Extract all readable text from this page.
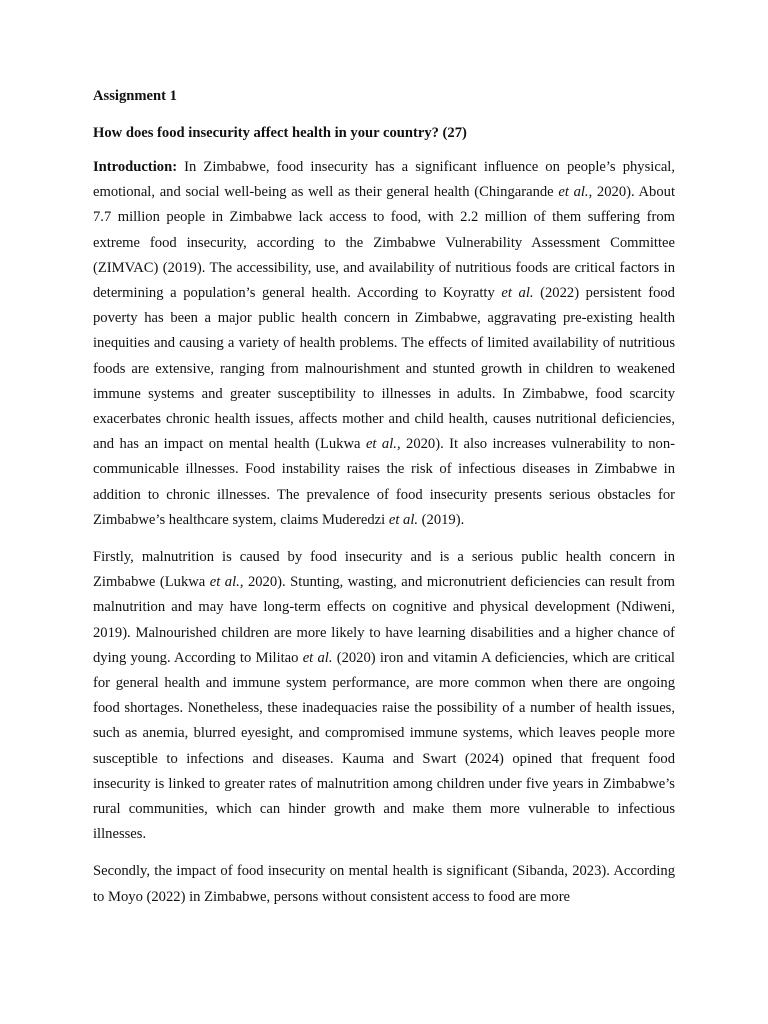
Assignment 1

How does food insecurity affect health in your country? (27)

Introduction: In Zimbabwe, food insecurity has a significant influence on people’s physical, emotional, and social well-being as well as their general health (Chingarande et al., 2020). About 7.7 million people in Zimbabwe lack access to food, with 2.2 million of them suffering from extreme food insecurity, according to the Zimbabwe Vulnerability Assessment Committee (ZIMVAC) (2019). The accessibility, use, and availability of nutritious foods are critical factors in determining a population’s general health. According to Koyratty et al. (2022) persistent food poverty has been a major public health concern in Zimbabwe, aggravating pre-existing health inequities and causing a variety of health problems. The effects of limited availability of nutritious foods are extensive, ranging from malnourishment and stunted growth in children to weakened immune systems and greater susceptibility to illnesses in adults. In Zimbabwe, food scarcity exacerbates chronic health issues, affects mother and child health, causes nutritional deficiencies, and has an impact on mental health (Lukwa et al., 2020). It also increases vulnerability to non-communicable illnesses. Food instability raises the risk of infectious diseases in Zimbabwe in addition to chronic illnesses. The prevalence of food insecurity presents serious obstacles for Zimbabwe’s healthcare system, claims Muderedzi et al. (2019).

Firstly, malnutrition is caused by food insecurity and is a serious public health concern in Zimbabwe (Lukwa et al., 2020). Stunting, wasting, and micronutrient deficiencies can result from malnutrition and may have long-term effects on cognitive and physical development (Ndiweni, 2019). Malnourished children are more likely to have learning disabilities and a higher chance of dying young. According to Militao et al. (2020) iron and vitamin A deficiencies, which are critical for general health and immune system performance, are more common when there are ongoing food shortages. Nonetheless, these inadequacies raise the possibility of a number of health issues, such as anemia, blurred eyesight, and compromised immune systems, which leaves people more susceptible to infections and diseases. Kauma and Swart (2024) opined that frequent food insecurity is linked to greater rates of malnutrition among children under five years in Zimbabwe’s rural communities, which can hinder growth and make them more vulnerable to infectious illnesses.

Secondly, the impact of food insecurity on mental health is significant (Sibanda, 2023). According to Moyo (2022) in Zimbabwe, persons without consistent access to food are more
